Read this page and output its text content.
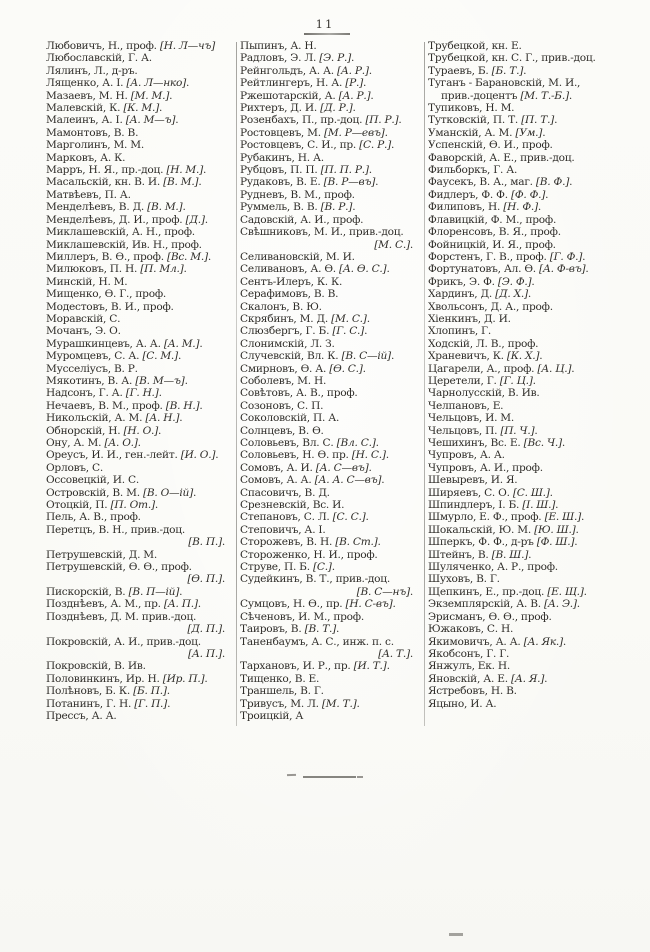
11
Любовичъ, Н., проф. [Н. Л—чъ]
Любославскій, Г. А.
Лялинъ, Л., д-ръ.
Лященко, А. І. [А. Л—нко].
Мазаевъ, М. Н. [М. М.].
Малевскій, К. [К. М.].
Малеинъ, А. І. [А. М—ъ].
Мамонтовъ, В. В.
Марголинъ, М. М.
Марковъ, А. К.
Марръ, Н. Я., пр.-доц. [Н. М.].
Масальскій, кн. В. И. [В. М.].
Матвѣевъ, П. А.
Менделѣевъ, В. Д. [В. М.].
Менделѣевъ, Д. И., проф. [Д.].
Миклашевскій, А. Н., проф.
Миклашевскій, Ив. Н., проф.
Миллеръ, В. Ѳ., проф. [Вс. М.].
Милюковъ, П. Н. [П. Мл.].
Минскій, Н. М.
Мищенко, Ѳ. Г., проф.
Модестовъ, В. И., проф.
Моравскій, С.
Мочанъ, Э. О.
Мурашкинцевъ, А. А. [А. М.].
Муромцевъ, С. А. [С. М.].
Мусселіусъ, В. Р.
Мякотинъ, В. А. [В. М—ъ].
Надсонъ, Г. А. [Г. Н.].
Нечаевъ, В. М., проф. [В. Н.].
Никольскій, А. М. [А. Н.].
Обнорскій, Н. [Н. О.].
Ону, А. М. [А. О.].
Ореусъ, И. И., ген.-лейт. [И. О.].
Орловъ, С.
Оссовецкій, И. С.
Островскій, В. М. [В. О—ій].
Отоцкій, П. [П. От.].
Пель, А. В., проф.
Перетцъ, В. Н., прив.-доц.
[В. П.].
Петрушевскій, Д. М.
Петрушевскій, Ѳ. Ѳ., проф.
[Ѳ. П.].
Пискорскій, В. [В. П—ій].
Позднѣевъ, А. М., пр. [А. П.].
Позднѣевъ, Д. М. прив.-доц.
[Д. П.].
Покровскій, А. И., прив.-доц.
[А. П.].
Покровскій, В. Ив.
Половинкинъ, Ир. Н. [Ир. П.].
Полѣновъ, Б. К. [Б. П.].
Потанинъ, Г. Н. [Г. П.].
Прессъ, А. А.
Пыпинъ, А. Н.
Радловъ, Э. Л. [Э. Р.].
Рейнгольдъ, А. А. [А. Р.].
Рейтлингеръ, Н. А. [Р.].
Ржешотарскій, А. [А. Р.].
Рихтеръ, Д. И. [Д. Р.].
Розенбахъ, П., пр.-доц. [П. Р.].
Ростовцевъ, М. [М. Р—евъ].
Ростовцевъ, С. И., пр. [С. Р.].
Рубакинъ, Н. А.
Рубцовъ, П. П. [П. П. Р.].
Рудаковъ, В. Е. [В. Р—въ].
Рудневъ, В. М., проф.
Руммель, В. В. [В. Р.].
Садовскій, А. И., проф.
Свѣшниковъ, М. И., прив.-доц.
[М. С.].
Селивановскій, М. И.
Селивановъ, А. Ѳ. [А. Ѳ. С.].
Сентъ-Илеръ, К. К.
Серафимовъ, В. В.
Скалонъ, В. Ю.
Скрябинъ, М. Д. [М. С.].
Слюзбергъ, Г. Б. [Г. С.].
Слонимскій, Л. З.
Случевскій, Вл. К. [В. С—ій].
Смирновъ, Ѳ. А. [Ѳ. С.].
Соболевъ, М. Н.
Совѣтовъ, А. В., проф.
Созоновъ, С. П.
Соколовскій, П. А.
Солнцевъ, В. Ѳ.
Соловьевъ, Вл. С. [Вл. С.].
Соловьевъ, Н. Ѳ. пр. [Н. С.].
Сомовъ, А. И. [А. С—въ].
Сомовъ, А. А. [А. А. С—въ].
Спасовичъ, В. Д.
Срезневскій, Вс. И.
Степановъ, С. Л. [С. С.].
Степовичъ, А. І.
Сторожевъ, В. Н. [В. Ст.].
Стороженко, Н. И., проф.
Струве, П. Б. [С.].
Судейкинъ, В. Т., прив.-доц.
[В. С—нъ].
Сумцовъ, Н. Ѳ., пр. [Н. С-въ].
Сѣченовъ, И. М., проф.
Таировъ, В. [В. Т.].
Таненбаумъ, А. С., инж. п. с.
[А. Т.].
Тархановъ, И. Р., пр. [И. Т.].
Тищенко, В. Е.
Траншель, В. Г.
Тривусъ, М. Л. [М. Т.].
Троицкій, А
Трубецкой, кн. Е.
Трубецкой, кн. С. Г., прив.-доц.
Тураевъ, Б. [Б. Т.].
Туганъ - Барановскій, М. И.,
прив.-доцентъ [М. Т.-Б.].
Тупиковъ, Н. М.
Тутковскій, П. Т. [П. Т.].
Уманскій, А. М. [Ум.].
Успенскій, Ѳ. И., проф.
Фаворскій, А. Е., прив.-доц.
Фильборкъ, Г. А.
Фаусекъ, В. А., маг. [В. Ф.].
Фидлеръ, Ф. Ф. [Ф. Ф.].
Филиповъ, Н. [Н. Ф.].
Флавицкій, Ф. М., проф.
Флоренсовъ, В. Я., проф.
Фойницкій, И. Я., проф.
Форстенъ, Г. В., проф. [Г. Ф.].
Фортунатовъ, Ал. Ѳ. [А. Ф-въ].
Фрикъ, Э. Ф. [Э. Ф.].
Хардинъ, Д. [Д. Х.].
Хвольсонъ, Д. А., проф.
Хіенкинъ, Д. И.
Хлопинъ, Г.
Ходскій, Л. В., проф.
Храневичъ, К. [К. Х.].
Цагарели, А., проф. [А. Ц.].
Церетели, Г. [Г. Ц.].
Чарнолусскій, В. Ив.
Челпановъ, Е.
Чельцовъ, И. М.
Чельцовъ, П. [П. Ч.].
Чешихинъ, Вс. Е. [Вс. Ч.].
Чупровъ, А. А.
Чупровъ, А. И., проф.
Шевыревъ, И. Я.
Ширяевъ, С. О. [С. Ш.].
Шпиндлеръ, І. Б. [І. Ш.].
Шмурло, Е. Ф., проф. [Е. Ш.].
Шокальскій, Ю. М. [Ю. Ш.].
Шперкъ, Ф. Ф., д-ръ [Ф. Ш.].
Штейнъ, В. [В. Ш.].
Шуляченко, А. Р., проф.
Шуховъ, В. Г.
Щепкинъ, Е., пр.-доц. [Е. Щ.].
Экземплярскій, А. В. [А. Э.].
Эрисманъ, Ѳ. Ѳ., проф.
Южаковъ, С. Н.
Якимовичъ, А. А. [А. Як.].
Якобсонъ, Г. Г.
Янжулъ, Ек. Н.
Яновскій, А. Е. [А. Я.].
Ястребовъ, Н. В.
Яцыно, И. А.
